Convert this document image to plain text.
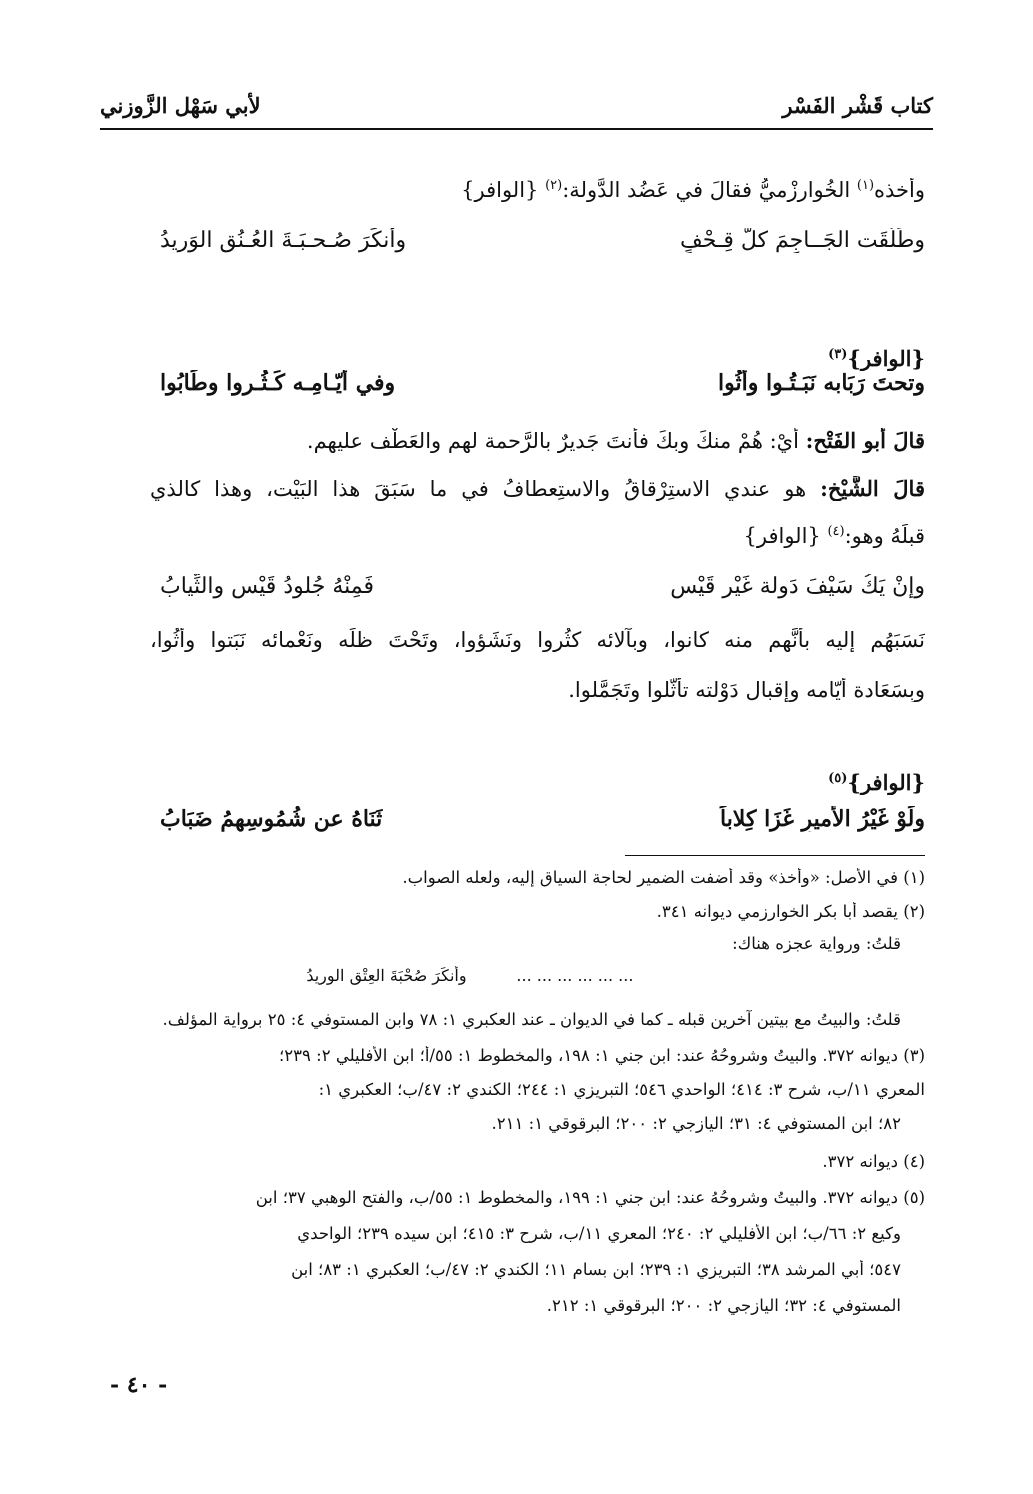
كتاب قَشْر الفَسْر
لأبي سَهْل الزَّوزني
وأخذه$^{(١)}$ الخُوارزْميُّ فقالَ في عَضُد الدَّولة:$^{(٢)}$ {الوافر}
وطَلَّقَت الجَــاجِمَ كلَّ قِـحْفٍ
وأنكَرَ صُـحـبَـةَ العُـنُقِ الوَريدُ
{الوافر}$^{(٣)}$
وتحتَ رَبَابه نَبَـتُـوا وأَثُوا
وفي أيّـامِـه كَـثُـروا وطَابُوا
قالَ أبو الفَتْح: أيْ: هُمْ منكَ وبكَ فأنتَ جَديرٌ بالرَّحمة لهم والعَطْف عليهم.
قالَ الشَّيْخ: هو عندي الاستِرْقاقُ والاستِعطافُ في ما سَبَقَ هذا البَيْت، وهذا كالذي
قبلَهُ وهو:$^{(٤)}$ {الوافر}
وإنْ يَكُ سَيْفَ دَولة غَيْرِ قَيْسٍ
فَمِنْهُ جُلودُ قَيْسٍ والثِّيابُ
نَسَبَهُم إليه بأنَّهم منه كانوا، وبآلائه كثُروا ونَشَؤوا، وتَحْتَ ظلِّه ونَعْمائه نَبَتوا وأَثُوا،
وبِسَعَادة أيّامه وإقبال دَوْلته تأثَّلوا وتَجَمَّلوا.
{الوافر}$^{(٥)}$
ولَوْ غَيْرُ الأميرِ غَزَا كِلاباً
ثَنَاهُ عن شُمُوسِهِمُ ضَبَابُ
(١) في الأصل: «وأخذ» وقد أضفت الضمير لحاجة السياق إليه، ولعله الصواب.
(٢) يقصد أبا بكر الخوارزمي ديوانه ٣٤١.
قلتُ: ورواية عجزه هناك:
... ... ... ... ... ...
وأنكَرَ صُحْبَةَ العِتْقِ الوريدُ
قلتُ: والبيتُ مع بيتين آخرين قبله ـ كما في الديوان ـ عند العكبري ١: ٧٨ وابن المستوفي ٤: ٢٥ برواية المؤلف.
(٣) ديوانه ٣٧٢. والبيتُ وشروحُهُ عند: ابن جني ١: ١٩٨، والمخطوط ١: ٥٥/أ؛ ابن الأفليلي ٢: ٢٣٩؛
المعري ١١/ب، شرح ٣: ٤١٤؛ الواحدي ٥٤٦؛ التبريزي ١: ٢٤٤؛ الكندي ٢: ٤٧/ب؛ العكبري ١:
٨٢؛ ابن المستوفي ٤: ٣١؛ اليازجي ٢: ٢٠٠؛ البرقوقي ١: ٢١١.
(٤) ديوانه ٣٧٢.
(٥) ديوانه ٣٧٢. والبيتُ وشروحُهُ عند: ابن جني ١: ١٩٩، والمخطوط ١: ٥٥/ب، والفتح الوهبي ٣٧؛ ابن
وكيع ٢: ٦٦/ب؛ ابن الأفليلي ٢: ٢٤٠؛ المعري ١١/ب، شرح ٣: ٤١٥؛ ابن سيده ٢٣٩؛ الواحدي
٥٤٧؛ أبي المرشد ٣٨؛ التبريزي ١: ٢٣٩؛ ابن بسام ١١؛ الكندي ٢: ٤٧/ب؛ العكبري ١: ٨٣؛ ابن
المستوفي ٤: ٣٢؛ اليازجي ٢: ٢٠٠؛ البرقوقي ١: ٢١٢.
- ٤٠ -
